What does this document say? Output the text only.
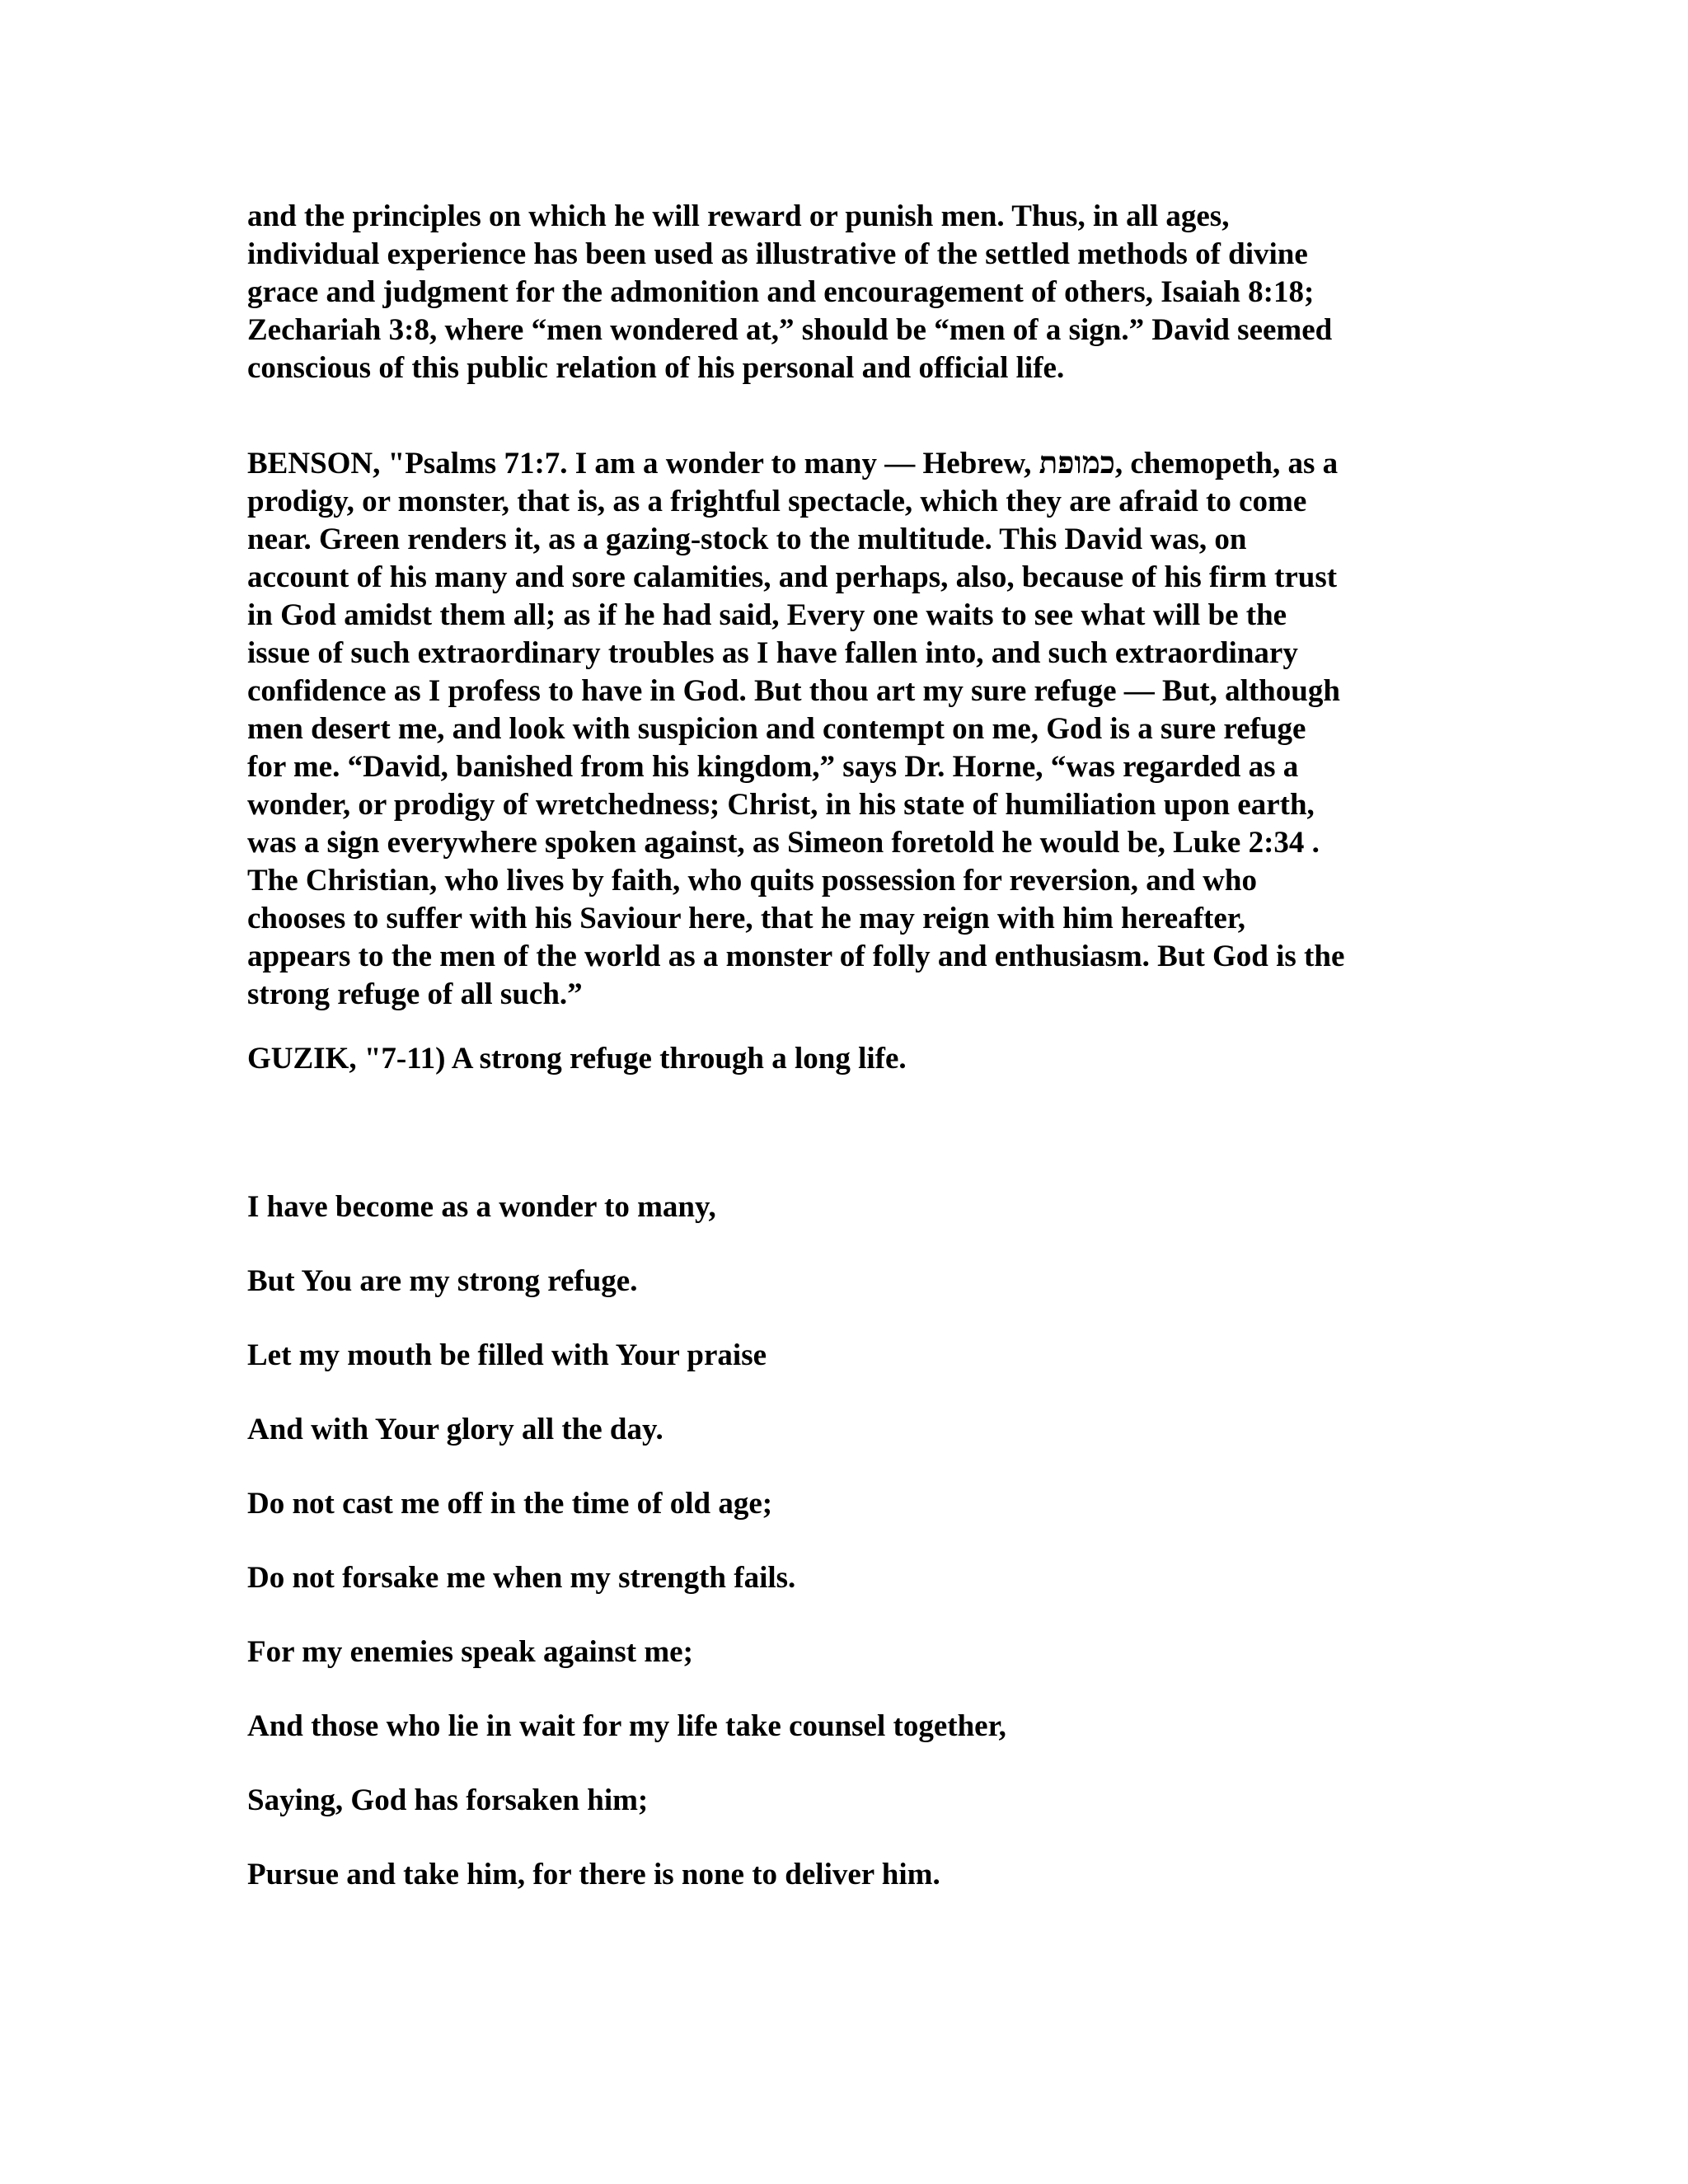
and the principles on which he will reward or punish men. Thus, in all ages,
individual experience has been used as illustrative of the settled methods of divine
grace and judgment for the admonition and encouragement of others, Isaiah 8:18;
Zechariah 3:8, where “men wondered at,” should be “men of a sign.” David seemed
conscious of this public relation of his personal and official life.

BENSON, "Psalms 71:7. I am a wonder to many — Hebrew, כמופת, chemopeth, as a
prodigy, or monster, that is, as a frightful spectacle, which they are afraid to come
near. Green renders it, as a gazing-stock to the multitude. This David was, on
account of his many and sore calamities, and perhaps, also, because of his firm trust
in God amidst them all; as if he had said, Every one waits to see what will be the
issue of such extraordinary troubles as I have fallen into, and such extraordinary
confidence as I profess to have in God. But thou art my sure refuge — But, although
men desert me, and look with suspicion and contempt on me, God is a sure refuge
for me. “David, banished from his kingdom,” says Dr. Horne, “was regarded as a
wonder, or prodigy of wretchedness; Christ, in his state of humiliation upon earth,
was a sign everywhere spoken against, as Simeon foretold he would be, Luke 2:34 .
The Christian, who lives by faith, who quits possession for reversion, and who
chooses to suffer with his Saviour here, that he may reign with him hereafter,
appears to the men of the world as a monster of folly and enthusiasm. But God is the
strong refuge of all such.”

GUZIK, "7-11) A strong refuge through a long life.

I have become as a wonder to many,

But You are my strong refuge.

Let my mouth be filled with Your praise

And with Your glory all the day.

Do not cast me off in the time of old age;

Do not forsake me when my strength fails.

For my enemies speak against me;

And those who lie in wait for my life take counsel together,

Saying, God has forsaken him;

Pursue and take him, for there is none to deliver him.
